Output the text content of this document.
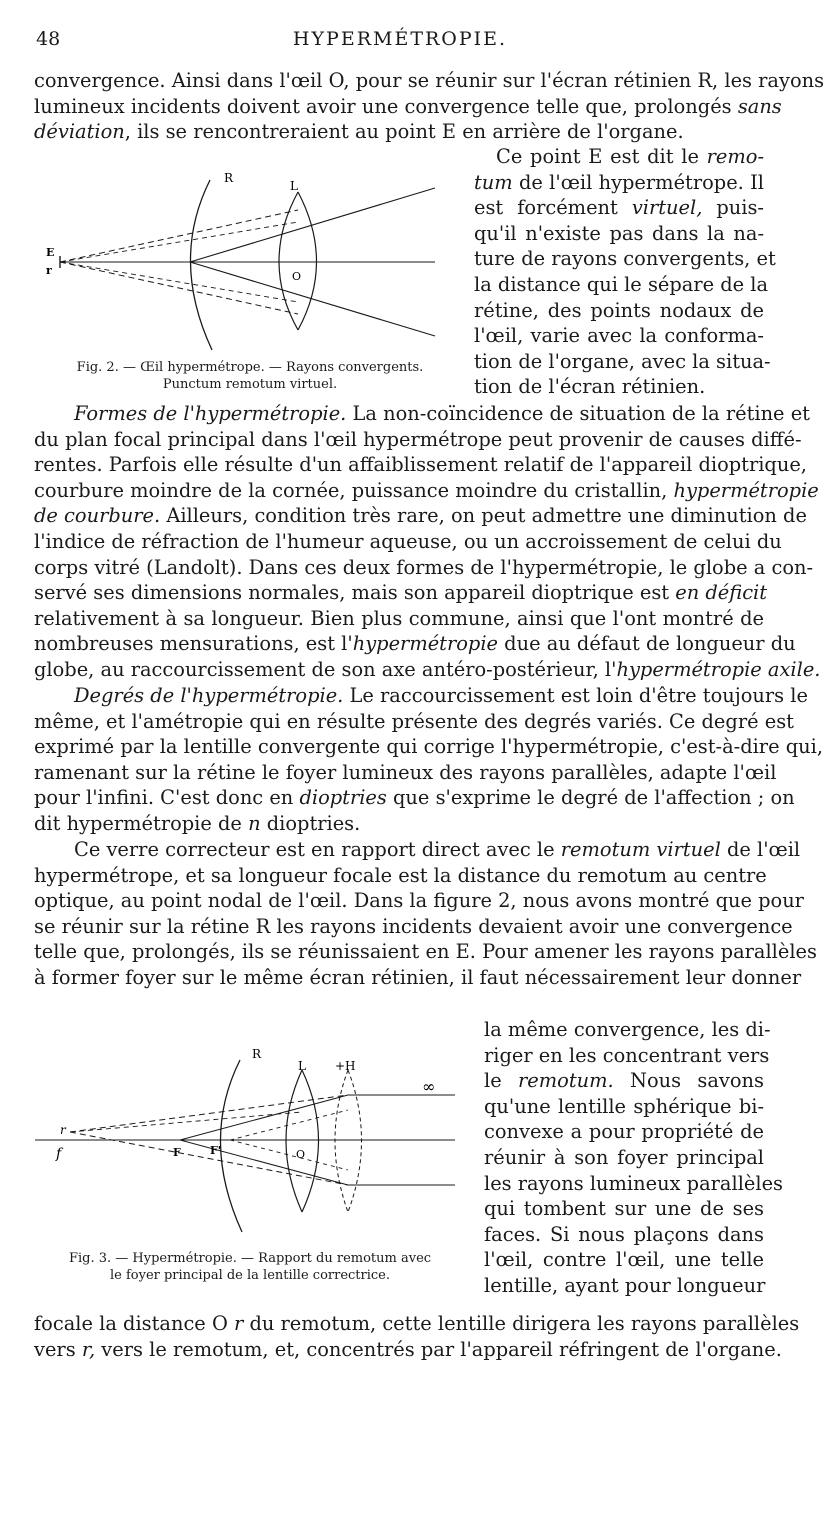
48	HYPERMÉTROPIE.
convergence. Ainsi dans l'œil O, pour se réunir sur l'écran rétinien R, les rayons
lumineux incidents doivent avoir une convergence telle que, prolongés sans
déviation, ils se rencontreraient au point E en arrière de l'organe.
R
L
E
r	O
Fig. 2. — Œil hypermétrope. — Rayons convergents.
Punctum remotum virtuel.
Ce point E est dit le remo-
tum de l'œil hypermétrope. Il
est forcément virtuel, puis-
qu'il n'existe pas dans la na-
ture de rayons convergents, et
la distance qui le sépare de la
rétine, des points nodaux de
l'œil, varie avec la conforma-
tion de l'organe, avec la situa-
tion de l'écran rétinien.
Formes de l'hypermétropie. La non-coïncidence de situation de la rétine et
du plan focal principal dans l'œil hypermétrope peut provenir de causes diffé-
rentes. Parfois elle résulte d'un affaiblissement relatif de l'appareil dioptrique,
courbure moindre de la cornée, puissance moindre du cristallin, hypermétropie
de courbure. Ailleurs, condition très rare, on peut admettre une diminution de
l'indice de réfraction de l'humeur aqueuse, ou un accroissement de celui du
corps vitré (Landolt). Dans ces deux formes de l'hypermétropie, le globe a con-
servé ses dimensions normales, mais son appareil dioptrique est en déficit
relativement à sa longueur. Bien plus commune, ainsi que l'ont montré de
nombreuses mensurations, est l'hypermétropie due au défaut de longueur du
globe, au raccourcissement de son axe antéro-postérieur, l'hypermétropie axile.
Degrés de l'hypermétropie. Le raccourcissement est loin d'être toujours le
même, et l'amétropie qui en résulte présente des degrés variés. Ce degré est
exprimé par la lentille convergente qui corrige l'hypermétropie, c'est-à-dire qui,
ramenant sur la rétine le foyer lumineux des rayons parallèles, adapte l'œil
pour l'infini. C'est donc en dioptries que s'exprime le degré de l'affection ; on
dit hypermétropie de n dioptries.
Ce verre correcteur est en rapport direct avec le remotum virtuel de l'œil
hypermétrope, et sa longueur focale est la distance du remotum au centre
optique, au point nodal de l'œil. Dans la figure 2, nous avons montré que pour
se réunir sur la rétine R les rayons incidents devaient avoir une convergence
telle que, prolongés, ils se réunissaient en E. Pour amener les rayons parallèles
à former foyer sur le même écran rétinien, il faut nécessairement leur donner
R
L +H
∞
r
f	F	F'	O
Fig. 3. — Hypermétropie. — Rapport du remotum avec
le foyer principal de la lentille correctrice.
la même convergence, les di-
riger en les concentrant vers
le remotum. Nous savons
qu'une lentille sphérique bi-
convexe a pour propriété de
réunir à son foyer principal
les rayons lumineux parallèles
qui tombent sur une de ses
faces. Si nous plaçons dans
l'œil, contre l'œil, une telle
lentille, ayant pour longueur
focale la distance O r du remotum, cette lentille dirigera les rayons parallèles
vers r, vers le remotum, et, concentrés par l'appareil réfringent de l'organe.
